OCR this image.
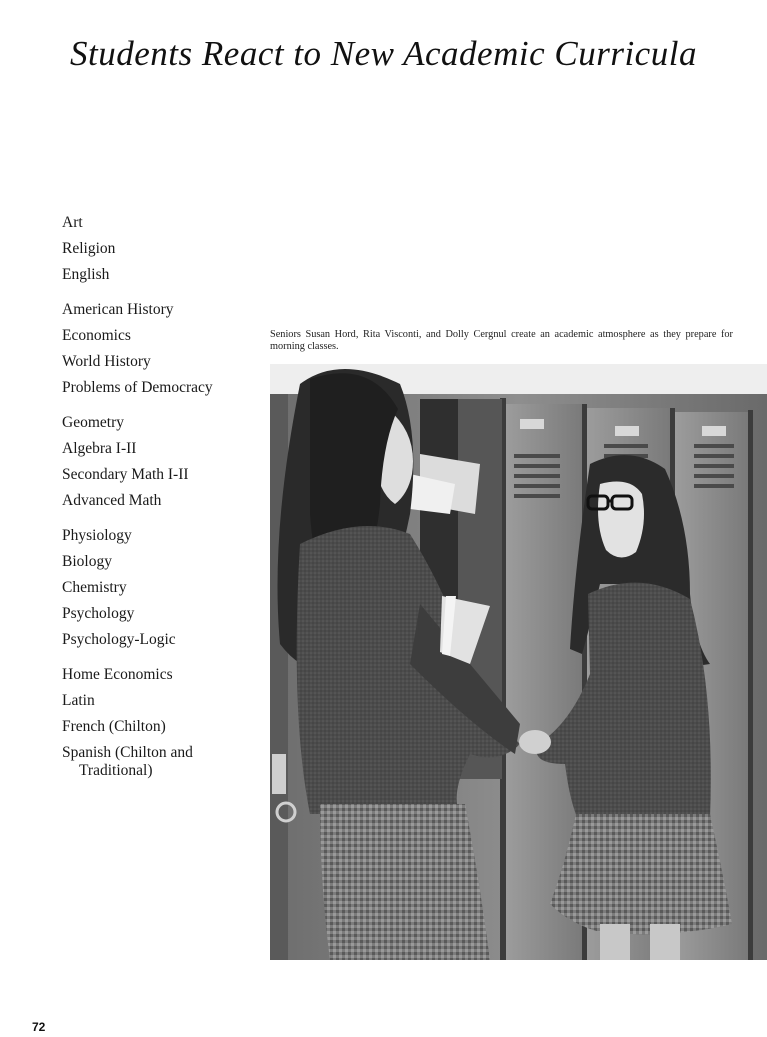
Students React to New Academic Curricula
Art
Religion
English
American History
Economics
World History
Problems of Democracy
Geometry
Algebra I-II
Secondary Math I-II
Advanced Math
Physiology
Biology
Chemistry
Psychology
Psychology-Logic
Home Economics
Latin
French (Chilton)
Spanish (Chilton and Traditional)
Seniors Susan Hord, Rita Visconti, and Dolly Cergnul create an academic atmosphere as they prepare for morning classes.
72
